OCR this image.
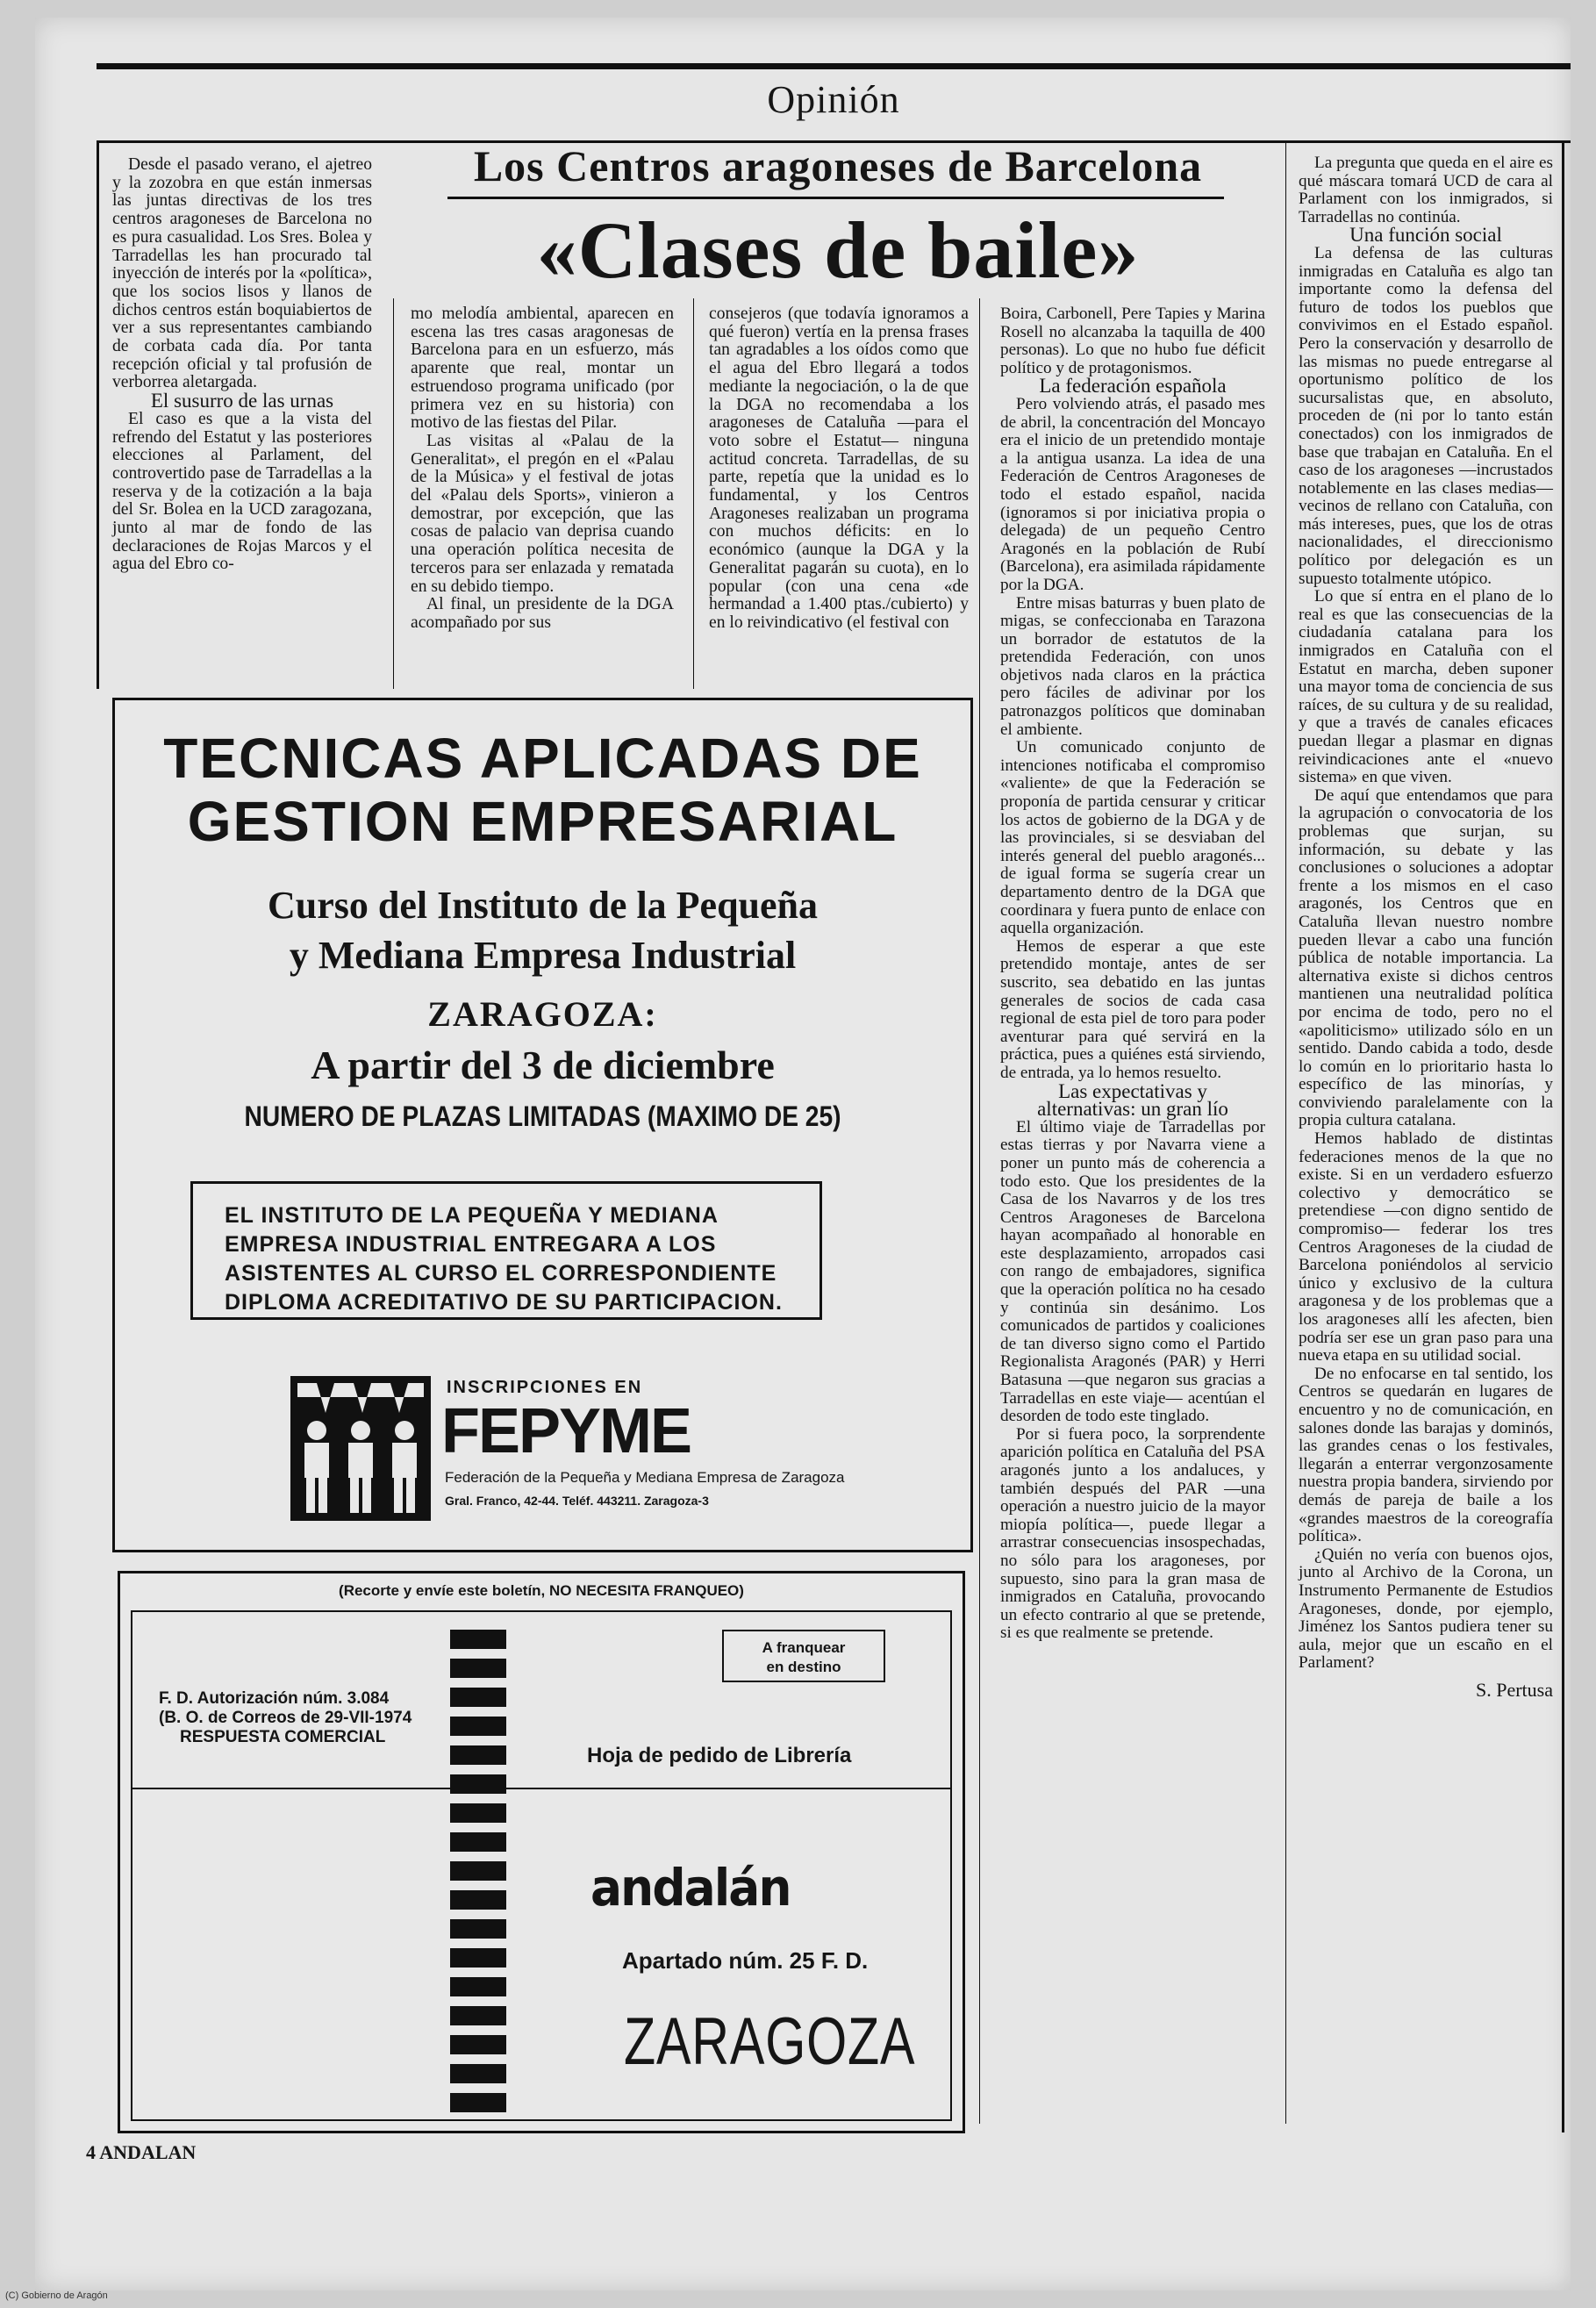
Opinión
Los Centros aragoneses de Barcelona
«Clases de baile»

Desde el pasado verano, el ajetreo y la zozobra en que están inmersas las juntas directivas de los tres centros aragoneses de Barcelona no es pura casualidad. Los Sres. Bolea y Tarradellas les han procurado tal inyección de interés por la «política», que los socios lisos y llanos de dichos centros están boquiabiertos de ver a sus representantes cambiando de corbata cada día. Por tanta recepción oficial y tal profusión de verborrea aletargada.

El susurro de las urnas

El caso es que a la vista del refrendo del Estatut y las posteriores elecciones al Parlament, del controvertido pase de Tarradellas a la reserva y de la cotización a la baja del Sr. Bolea en la UCD zaragozana, junto al mar de fondo de las declaraciones de Rojas Marcos y el agua del Ebro co-

mo melodía ambiental, aparecen en escena las tres casas aragonesas de Barcelona para en un esfuerzo, más aparente que real, montar un estruendoso programa unificado (por primera vez en su historia) con motivo de las fiestas del Pilar.

Las visitas al «Palau de la Generalitat», el pregón en el «Palau de la Música» y el festival de jotas del «Palau dels Sports», vinieron a demostrar, por excepción, que las cosas de palacio van deprisa cuando una operación política necesita de terceros para ser enlazada y rematada en su debido tiempo.

Al final, un presidente de la DGA acompañado por sus

consejeros (que todavía ignoramos a qué fueron) vertía en la prensa frases tan agradables a los oídos como que el agua del Ebro llegará a todos mediante la negociación, o la de que la DGA no recomendaba a los aragoneses de Cataluña —para el voto sobre el Estatut— ninguna actitud concreta. Tarradellas, de su parte, repetía que la unidad es lo fundamental, y los Centros Aragoneses realizaban un programa con muchos déficits: en lo económico (aunque la DGA y la Generalitat pagarán su cuota), en lo popular (con una cena «de hermandad a 1.400 ptas./cubierto) y en lo reivindicativo (el festival con

Boira, Carbonell, Pere Tapies y Marina Rosell no alcanzaba la taquilla de 400 personas). Lo que no hubo fue déficit político y de protagonismos.

La federación española

Pero volviendo atrás, el pasado mes de abril, la concentración del Moncayo era el inicio de un pretendido montaje a la antigua usanza. La idea de una Federación de Centros Aragoneses de todo el estado español, nacida (ignoramos si por iniciativa propia o delegada) de un pequeño Centro Aragonés en la población de Rubí (Barcelona), era asimilada rápidamente por la DGA.

Entre misas baturras y buen plato de migas, se confeccionaba en Tarazona un borrador de estatutos de la pretendida Federación, con unos objetivos nada claros en la práctica pero fáciles de adivinar por los patronazgos políticos que dominaban el ambiente.

Un comunicado conjunto de intenciones notificaba el compromiso «valiente» de que la Federación se proponía de partida censurar y criticar los actos de gobierno de la DGA y de las provinciales, si se desviaban del interés general del pueblo aragonés... de igual forma se sugería crear un departamento dentro de la DGA que coordinara y fuera punto de enlace con aquella organización.

Hemos de esperar a que este pretendido montaje, antes de ser suscrito, sea debatido en las juntas generales de socios de cada casa regional de esta piel de toro para poder aventurar para qué servirá en la práctica, pues a quiénes está sirviendo, de entrada, ya lo hemos resuelto.

Las expectativas y

alternativas: un gran lío

El último viaje de Tarradellas por estas tierras y por Navarra viene a poner un punto más de coherencia a todo esto. Que los presidentes de la Casa de los Navarros y de los tres Centros Aragoneses de Barcelona hayan acompañado al honorable en este desplazamiento, arropados casi con rango de embajadores, significa que la operación política no ha cesado y continúa sin desánimo. Los comunicados de partidos y coaliciones de tan diverso signo como el Partido Regionalista Aragonés (PAR) y Herri Batasuna —que negaron sus gracias a Tarradellas en este viaje— acentúan el desorden de todo este tinglado.

Por si fuera poco, la sorprendente aparición política en Cataluña del PSA aragonés junto a los andaluces, y también después del PAR —una operación a nuestro juicio de la mayor miopía política—, puede llegar a arrastrar consecuencias insospechadas, no sólo para los aragoneses, por supuesto, sino para la gran masa de inmigrados en Cataluña, provocando un efecto contrario al que se pretende, si es que realmente se pretende.

La pregunta que queda en el aire es qué máscara tomará UCD de cara al Parlament con los inmigrados, si Tarradellas no continúa.

Una función social

La defensa de las culturas inmigradas en Cataluña es algo tan importante como la defensa del futuro de todos los pueblos que convivimos en el Estado español. Pero la conservación y desarrollo de las mismas no puede entregarse al oportunismo político de los sucursalistas que, en absoluto, proceden de (ni por lo tanto están conectados) con los inmigrados de base que trabajan en Cataluña. En el caso de los aragoneses —incrustados notablemente en las clases medias—vecinos de rellano con Cataluña, con más intereses, pues, que los de otras nacionalidades, el direccionismo político por delegación es un supuesto totalmente utópico.

Lo que sí entra en el plano de lo real es que las consecuencias de la ciudadanía catalana para los inmigrados en Cataluña con el Estatut en marcha, deben suponer una mayor toma de conciencia de sus raíces, de su cultura y de su realidad, y que a través de canales eficaces puedan llegar a plasmar en dignas reivindicaciones ante el «nuevo sistema» en que viven.

De aquí que entendamos que para la agrupación o convocatoria de los problemas que surjan, su información, su debate y las conclusiones o soluciones a adoptar frente a los mismos en el caso aragonés, los Centros que en Cataluña llevan nuestro nombre pueden llevar a cabo una función pública de notable importancia. La alternativa existe si dichos centros mantienen una neutralidad política por encima de todo, pero no el «apoliticismo» utilizado sólo en un sentido. Dando cabida a todo, desde lo común en lo prioritario hasta lo específico de las minorías, y conviviendo paralelamente con la propia cultura catalana.

Hemos hablado de distintas federaciones menos de la que no existe. Si en un verdadero esfuerzo colectivo y democrático se pretendiese —con digno sentido de compromiso— federar los tres Centros Aragoneses de la ciudad de Barcelona poniéndolos al servicio único y exclusivo de la cultura aragonesa y de los problemas que a los aragoneses allí les afecten, bien podría ser ese un gran paso para una nueva etapa en su utilidad social.

De no enfocarse en tal sentido, los Centros se quedarán en lugares de encuentro y no de comunicación, en salones donde las barajas y dominós, las grandes cenas o los festivales, llegarán a enterrar vergonzosamente nuestra propia bandera, sirviendo por demás de pareja de baile a los «grandes maestros de la coreografía política».

¿Quién no vería con buenos ojos, junto al Archivo de la Corona, un Instrumento Permanente de Estudios Aragoneses, donde, por ejemplo, Jiménez los Santos pudiera tener su aula, mejor que un escaño en el Parlament?

S. Pertusa

TECNICAS APLICADAS DE
GESTION EMPRESARIAL
Curso del Instituto de la Pequeña
y Mediana Empresa Industrial
ZARAGOZA:
A partir del 3 de diciembre
NUMERO DE PLAZAS LIMITADAS (MAXIMO DE 25)
EL INSTITUTO DE LA PEQUEÑA Y MEDIANA EMPRESA INDUSTRIAL ENTREGARA A LOS ASISTENTES AL CURSO EL CORRESPONDIENTE DIPLOMA ACREDITATIVO DE SU PARTICIPACION.
INSCRIPCIONES EN
FEPYME
Federación de la Pequeña y Mediana Empresa de Zaragoza
Gral. Franco, 42-44. Teléf. 443211. Zaragoza-3
(Recorte y envíe este boletín, NO NECESITA FRANQUEO)
F. D. Autorización núm. 3.084
(B. O. de Correos de 29-VII-1974
RESPUESTA COMERCIAL
A franquear
en destino
Hoja de pedido de Librería
andalán
Apartado núm. 25 F. D.
ZARAGOZA
4 ANDALAN
(C) Gobierno de Aragón
